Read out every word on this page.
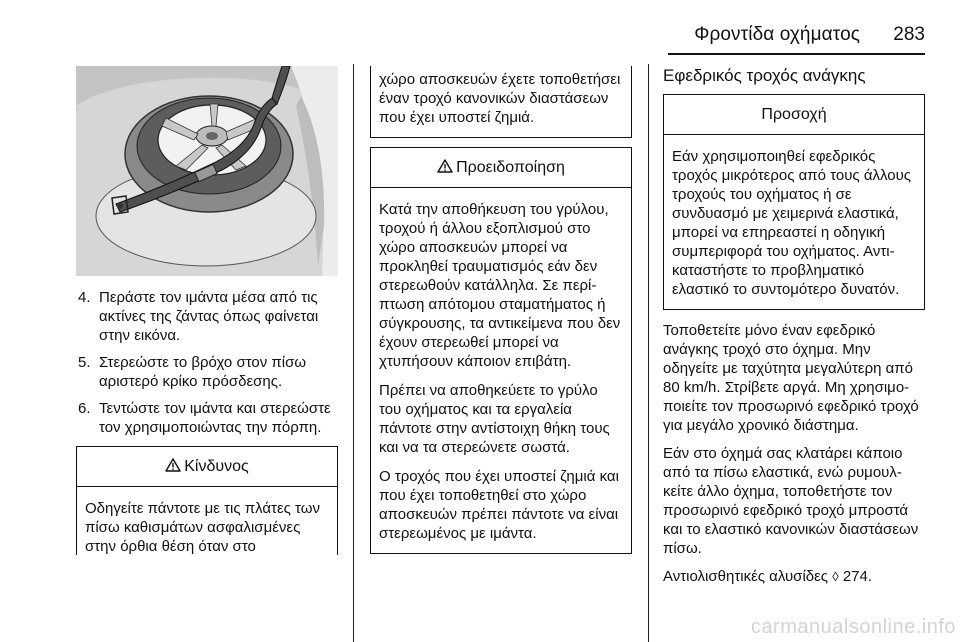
Φροντίδα οχήματος 283
4. Περάστε τον ιμάντα μέσα από τις ακτίνες της ζάντας όπως φαίνεται στην εικόνα.
5. Στερεώστε το βρόχο στον πίσω αριστερό κρίκο πρόσδεσης.
6. Τεντώστε τον ιμάντα και στερεώστε τον χρησιμοποιώντας την πόρπη.
Κίνδυνος

Οδηγείτε πάντοτε με τις πλάτες των πίσω καθισμάτων ασφαλισμένες στην όρθια θέση όταν στο

χώρο αποσκευών έχετε τοποθετήσει έναν τροχό κανονικών διαστάσεων που έχει υποστεί ζημιά.

Προειδοποίηση

Κατά την αποθήκευση του γρύλου, τροχού ή άλλου εξοπλισμού στο χώρο αποσκευών μπορεί να προκληθεί τραυματισμός εάν δεν στερεωθούν κατάλληλα. Σε περίπτωση απότομου σταματήματος ή σύγκρουσης, τα αντικείμενα που δεν έχουν στερεωθεί μπορεί να χτυπήσουν κάποιον επιβάτη.

Πρέπει να αποθηκεύετε το γρύλο του οχήματος και τα εργαλεία πάντοτε στην αντίστοιχη θήκη τους και να τα στερεώνετε σωστά.

Ο τροχός που έχει υποστεί ζημιά και που έχει τοποθετηθεί στο χώρο αποσκευών πρέπει πάντοτε να είναι στερεωμένος με ιμάντα.

Εφεδρικός τροχός ανάγκης
Προσοχή

Εάν χρησιμοποιηθεί εφεδρικός τροχός μικρότερος από τους άλλους τροχούς του οχήματος ή σε συνδυασμό με χειμερινά ελαστικά, μπορεί να επηρεαστεί η οδηγική συμπεριφορά του οχήματος. Αντικαταστήστε το προβληματικό ελαστικό το συντομότερο δυνατόν.

Τοποθετείτε μόνο έναν εφεδρικό ανάγκης τροχό στο όχημα. Μην οδηγείτε με ταχύτητα μεγαλύτερη από 80 km/h. Στρίβετε αργά. Μη χρησιμοποιείτε τον προσωρινό εφεδρικό τροχό για μεγάλο χρονικό διάστημα.

Εάν στο όχημά σας κλατάρει κάποιο από τα πίσω ελαστικά, ενώ ρυμουλκείτε άλλο όχημα, τοποθετήστε τον προσωρινό εφεδρικό τροχό μπροστά και το ελαστικό κανονικών διαστάσεων πίσω.

Αντιολισθητικές αλυσίδες ◊ 274.

carmanualsonline.info
